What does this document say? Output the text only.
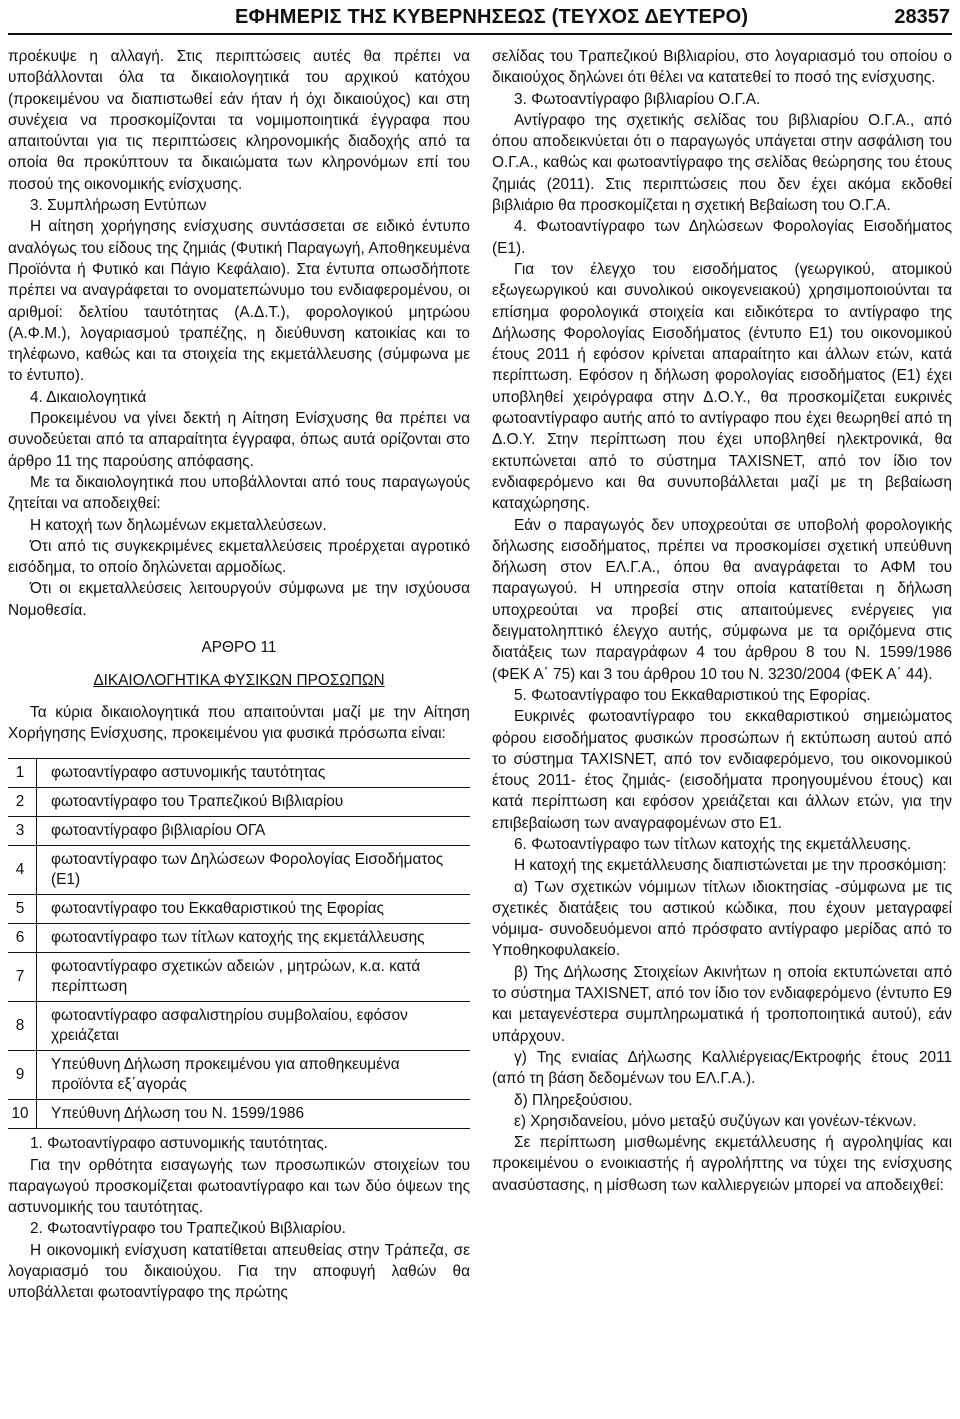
ΕΦΗΜΕΡΙΣ ΤΗΣ ΚΥΒΕΡΝΗΣΕΩΣ (ΤΕΥΧΟΣ ΔΕΥΤΕΡΟ)	28357

προέκυψε η αλλαγή. Στις περιπτώσεις αυτές θα πρέπει να υποβάλλονται όλα τα δικαιολογητικά του αρχικού κατόχου (προκειμένου να διαπιστωθεί εάν ήταν ή όχι δικαιούχος) και στη συνέχεια να προσκομίζονται τα νομιμοποιητικά έγγραφα που απαιτούνται για τις περιπτώσεις κληρονομικής διαδοχής από τα οποία θα προκύπτουν τα δικαιώματα των κληρονόμων επί του ποσού της οικονομικής ενίσχυσης.

3. Συμπλήρωση Εντύπων

Η αίτηση χορήγησης ενίσχυσης συντάσσεται σε ειδικό έντυπο αναλόγως του είδους της ζημιάς (Φυτική Παραγωγή, Αποθηκευμένα Προϊόντα ή Φυτικό και Πάγιο Κεφάλαιο). Στα έντυπα οπωσδήποτε πρέπει να αναγράφεται το ονοματεπώνυμο του ενδιαφερομένου, οι αριθμοί: δελτίου ταυτότητας (Α.Δ.Τ.), φορολογικού μητρώου (Α.Φ.Μ.), λογαριασμού τραπέζης, η διεύθυνση κατοικίας και το τηλέφωνο, καθώς και τα στοιχεία της εκμετάλλευσης (σύμφωνα με το έντυπο).

4. Δικαιολογητικά

Προκειμένου να γίνει δεκτή η Αίτηση Ενίσχυσης θα πρέπει να συνοδεύεται από τα απαραίτητα έγγραφα, όπως αυτά ορίζονται στο άρθρο 11 της παρούσης απόφασης.

Με τα δικαιολογητικά που υποβάλλονται από τους παραγωγούς ζητείται να αποδειχθεί:

Η κατοχή των δηλωμένων εκμεταλλεύσεων.

Ότι από τις συγκεκριμένες εκμεταλλεύσεις προέρχεται αγροτικό εισόδημα, το οποίο δηλώνεται αρμοδίως.

Ότι οι εκμεταλλεύσεις λειτουργούν σύμφωνα με την ισχύουσα Νομοθεσία.

ΑΡΘΡΟ 11

ΔΙΚΑΙΟΛΟΓΗΤΙΚΑ ΦΥΣΙΚΩΝ ΠΡΟΣΩΠΩΝ

Τα κύρια δικαιολογητικά που απαιτούνται μαζί με την Αίτηση Χορήγησης Ενίσχυσης, προκειμένου για φυσικά πρόσωπα είναι:

1	φωτοαντίγραφο αστυνομικής ταυτότητας
2	φωτοαντίγραφο του Τραπεζικού Βιβλιαρίου
3	φωτοαντίγραφο βιβλιαρίου ΟΓΑ
4	φωτοαντίγραφο των Δηλώσεων Φορολογίας Εισοδήματος (Ε1)
5	φωτοαντίγραφο του Εκκαθαριστικού της Εφορίας
6	φωτοαντίγραφο των τίτλων κατοχής της εκμετάλλευσης
7	φωτοαντίγραφο σχετικών αδειών , μητρώων, κ.α. κατά περίπτωση
8	φωτοαντίγραφο ασφαλιστηρίου συμβολαίου, εφόσον χρειάζεται
9	Υπεύθυνη Δήλωση προκειμένου για αποθηκευμένα προϊόντα εξ΄αγοράς
10	Υπεύθυνη Δήλωση του Ν. 1599/1986

1. Φωτοαντίγραφο αστυνομικής ταυτότητας.

Για την ορθότητα εισαγωγής των προσωπικών στοιχείων του παραγωγού προσκομίζεται φωτοαντίγραφο και των δύο όψεων της αστυνομικής του ταυτότητας.

2. Φωτοαντίγραφο του Τραπεζικού Βιβλιαρίου.

Η οικονομική ενίσχυση κατατίθεται απευθείας στην Τράπεζα, σε λογαριασμό του δικαιούχου. Για την αποφυγή λαθών θα υποβάλλεται φωτοαντίγραφο της πρώτης

σελίδας του Τραπεζικού Βιβλιαρίου, στο λογαριασμό του οποίου ο δικαιούχος δηλώνει ότι θέλει να κατατεθεί το ποσό της ενίσχυσης.

3. Φωτοαντίγραφο βιβλιαρίου Ο.Γ.Α.

Αντίγραφο της σχετικής σελίδας του βιβλιαρίου Ο.Γ.Α., από όπου αποδεικνύεται ότι ο παραγωγός υπάγεται στην ασφάλιση του Ο.Γ.Α., καθώς και φωτοαντίγραφο της σελίδας θεώρησης του έτους ζημιάς (2011). Στις περιπτώσεις που δεν έχει ακόμα εκδοθεί βιβλιάριο θα προσκομίζεται η σχετική Βεβαίωση του Ο.Γ.Α.

4. Φωτοαντίγραφο των Δηλώσεων Φορολογίας Εισοδήματος (Ε1).

Για τον έλεγχο του εισοδήματος (γεωργικού, ατομικού εξωγεωργικού και συνολικού οικογενειακού) χρησιμοποιούνται τα επίσημα φορολογικά στοιχεία και ειδικότερα το αντίγραφο της Δήλωσης Φορολογίας Εισοδήματος (έντυπο Ε1) του οικονομικού έτους 2011 ή εφόσον κρίνεται απαραίτητο και άλλων ετών, κατά περίπτωση. Εφόσον η δήλωση φορολογίας εισοδήματος (Ε1) έχει υποβληθεί χειρόγραφα στην Δ.Ο.Υ., θα προσκομίζεται ευκρινές φωτοαντίγραφο αυτής από το αντίγραφο που έχει θεωρηθεί από τη Δ.Ο.Υ. Στην περίπτωση που έχει υποβληθεί ηλεκτρονικά, θα εκτυπώνεται από το σύστημα TAXISNET, από τον ίδιο τον ενδιαφερόμενο και θα συνυποβάλλεται μαζί με τη βεβαίωση καταχώρησης.

Εάν ο παραγωγός δεν υποχρεούται σε υποβολή φορολογικής δήλωσης εισοδήματος, πρέπει να προσκομίσει σχετική υπεύθυνη δήλωση στον ΕΛ.Γ.Α., όπου θα αναγράφεται το ΑΦΜ του παραγωγού. Η υπηρεσία στην οποία κατατίθεται η δήλωση υποχρεούται να προβεί στις απαιτούμενες ενέργειες για δειγματοληπτικό έλεγχο αυτής, σύμφωνα με τα οριζόμενα στις διατάξεις των παραγράφων 4 του άρθρου 8 του Ν. 1599/1986 (ΦΕΚ Α΄ 75) και 3 του άρθρου 10 του Ν. 3230/2004 (ΦΕΚ Α΄ 44).

5. Φωτοαντίγραφο του Εκκαθαριστικού της Εφορίας.

Ευκρινές φωτοαντίγραφο του εκκαθαριστικού σημειώματος φόρου εισοδήματος φυσικών προσώπων ή εκτύπωση αυτού από το σύστημα TAXISNET, από τον ενδιαφερόμενο, του οικονομικού έτους 2011- έτος ζημιάς- (εισοδήματα προηγουμένου έτους) και κατά περίπτωση και εφόσον χρειάζεται και άλλων ετών, για την επιβεβαίωση των αναγραφομένων στο Ε1.

6. Φωτοαντίγραφο των τίτλων κατοχής της εκμετάλλευσης.

Η κατοχή της εκμετάλλευσης διαπιστώνεται με την προσκόμιση:

α) Των σχετικών νόμιμων τίτλων ιδιοκτησίας -σύμφωνα με τις σχετικές διατάξεις του αστικού κώδικα, που έχουν μεταγραφεί νόμιμα- συνοδευόμενοι από πρόσφατο αντίγραφο μερίδας από το Υποθηκοφυλακείο.

β) Της Δήλωσης Στοιχείων Ακινήτων η οποία εκτυπώνεται από το σύστημα TAXISNET, από τον ίδιο τον ενδιαφερόμενο (έντυπο Ε9 και μεταγενέστερα συμπληρωματικά ή τροποποιητικά αυτού), εάν υπάρχουν.

γ) Της ενιαίας Δήλωσης Καλλιέργειας/Εκτροφής έτους 2011 (από τη βάση δεδομένων του ΕΛ.Γ.Α.).

δ) Πληρεξούσιου.

ε) Χρησιδανείου, μόνο μεταξύ συζύγων και γονέων-τέκνων.

Σε περίπτωση μισθωμένης εκμετάλλευσης ή αγροληψίας και προκειμένου ο ενοικιαστής ή αγρολήπτης να τύχει της ενίσχυσης ανασύστασης, η μίσθωση των καλλιεργειών μπορεί να αποδειχθεί:
